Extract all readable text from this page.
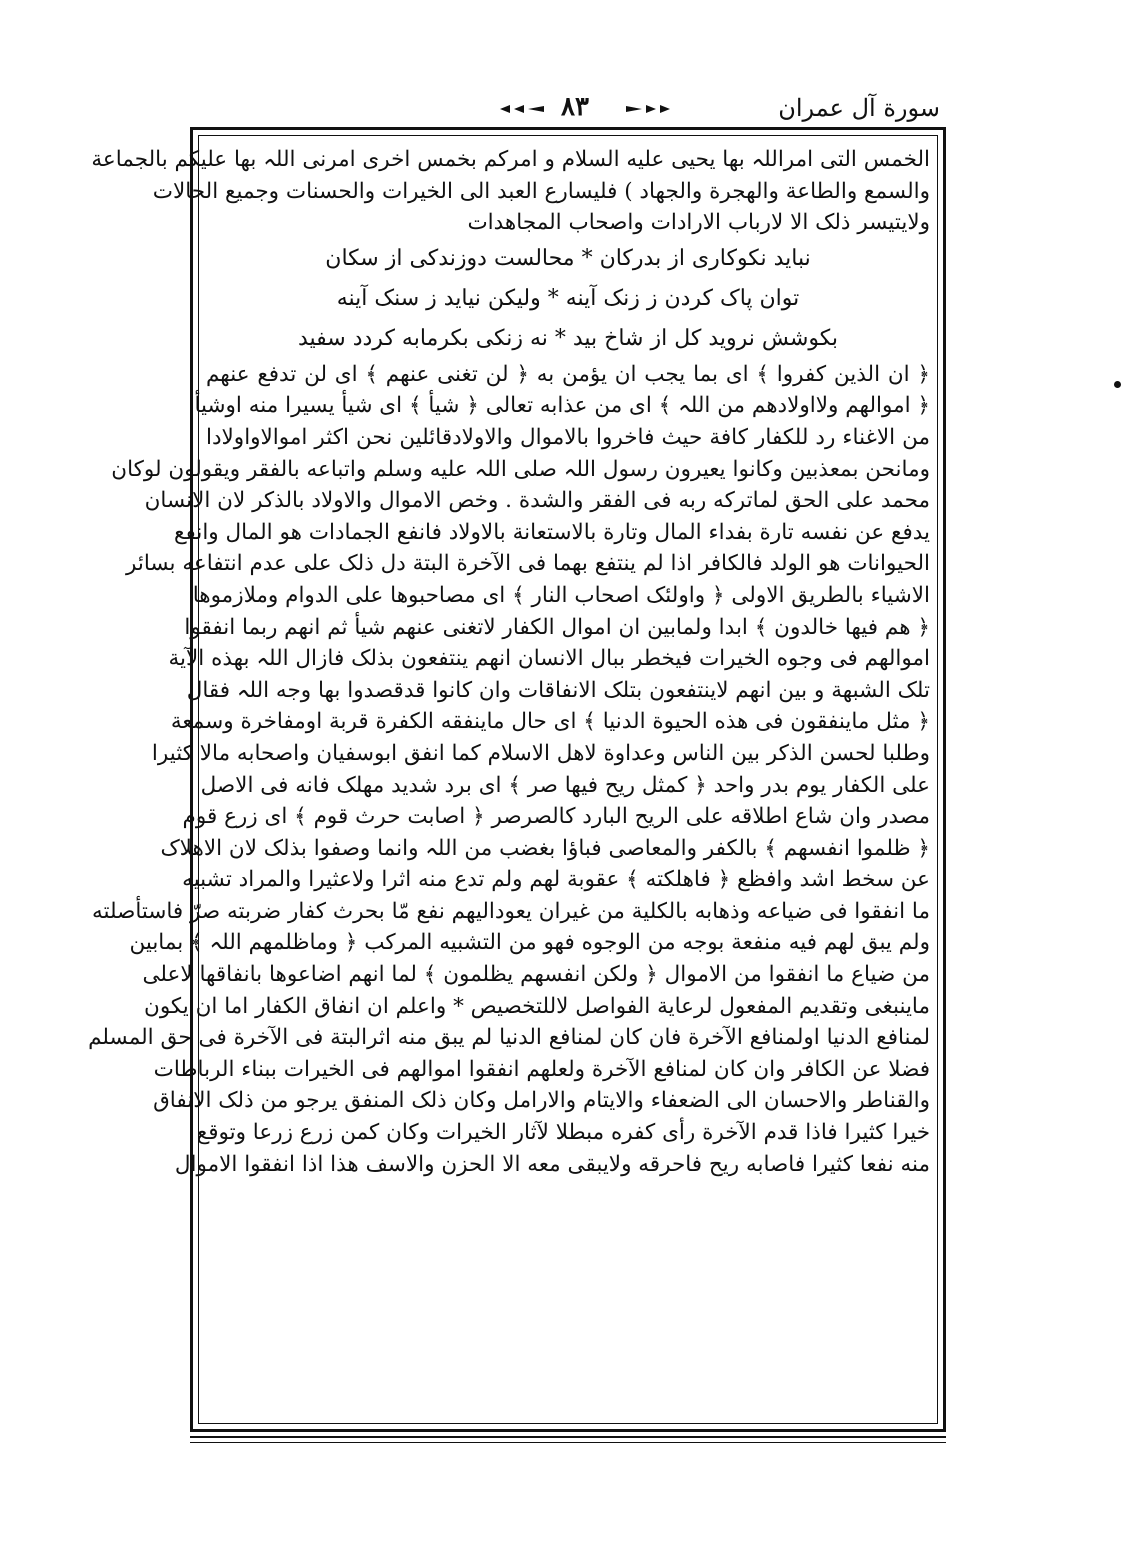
سورة آل عمران
۸۳
الخمس التی امراللہ بها یحیی علیه السلام و امرکم بخمس اخری امرنی اللہ بها علیکم بالجماعة
والسمع والطاعة والهجرة والجهاد ) فلیسارع العبد الی الخیرات والحسنات وجمیع الحالات
ولایتیسر ذلک الا لارباب الارادات واصحاب المجاهدات
نباید نکوکاری از بدرکان * محالست دوزندکی از سکان
توان پاک کردن ز زنک آینه * ولیکن نیاید ز سنک آینه
بکوشش نروید کل از شاخ بید * نه زنکی بکرمابه کردد سفید
﴿ ان الذین کفروا ﴾ ای بما یجب ان یؤمن به ﴿ لن تغنی عنهم ﴾ ای لن تدفع عنهم
﴿ اموالهم ولااولادهم من اللہ ﴾ ای من عذابه تعالی ﴿ شیأ ﴾ ای شیأ یسیرا منه اوشیأ
من الاغناء رد للکفار کافة حیث فاخروا بالاموال والاولادقائلین نحن اکثر اموالاواولادا
ومانحن بمعذبین وکانوا یعیرون رسول اللہ صلی اللہ علیه وسلم واتباعه بالفقر ویقولون لوکان
محمد علی الحق لماترکه ربه فی الفقر والشدة . وخص الاموال والاولاد بالذکر لان الانسان
یدفع عن نفسه تارة بفداء المال وتارة بالاستعانة بالاولاد فانفع الجمادات هو المال وانفع
الحیوانات هو الولد فالکافر اذا لم ینتفع بهما فی الآخرة البتة دل ذلک علی عدم انتفاعه بسائر
الاشیاء بالطریق الاولی ﴿ واولئک اصحاب النار ﴾ ای مصاحبوها علی الدوام وملازموها
﴿ هم فیها خالدون ﴾ ابدا ولمابین ان اموال الکفار لاتغنی عنهم شیأ ثم انهم ربما انفقوا
اموالهم فی وجوه الخیرات فیخطر ببال الانسان انهم ینتفعون بذلک فازال اللہ بهذه الآیة
تلک الشبهة و بین انهم لاینتفعون بتلک الانفاقات وان کانوا قدقصدوا بها وجه اللہ فقال
﴿ مثل ماینفقون فی هذه الحیوة الدنیا ﴾ ای حال ماینفقه الکفرة قربة اومفاخرة وسمعة
وطلبا لحسن الذکر بین الناس وعداوة لاهل الاسلام کما انفق ابوسفیان واصحابه مالا کثیرا
علی الکفار یوم بدر واحد ﴿ کمثل ریح فیها صر ﴾ ای برد شدید مهلک فانه فی الاصل
مصدر وان شاع اطلاقه علی الریح البارد کالصرصر ﴿ اصابت حرث قوم ﴾ ای زرع قوم
﴿ ظلموا انفسهم ﴾ بالکفر والمعاصی فباؤا بغضب من اللہ وانما وصفوا بذلک لان الاهلاک
عن سخط اشد وافظع ﴿ فاهلکته ﴾ عقوبة لهم ولم تدع منه اثرا ولاعثیرا والمراد تشبیه
ما انفقوا فی ضیاعه وذهابه بالکلیة من غیران یعودالیهم نفع مّا بحرث کفار ضربته صرّ فاستأصلته
ولم یبق لهم فیه منفعة بوجه من الوجوه فهو من التشبیه المرکب ﴿ وماظلمهم اللہ ﴾ بمابین
من ضیاع ما انفقوا من الاموال ﴿ ولکن انفسهم یظلمون ﴾ لما انهم اضاعوها بانفاقها لاعلی
ماینبغی وتقدیم المفعول لرعایة الفواصل لاللتخصیص * واعلم ان انفاق الکفار اما ان یکون
لمنافع الدنیا اولمنافع الآخرة فان کان لمنافع الدنیا لم یبق منه اثرالبتة فی الآخرة فی حق المسلم
فضلا عن الکافر وان کان لمنافع الآخرة ولعلهم انفقوا اموالهم فی الخیرات ببناء الرباطات
والقناطر والاحسان الی الضعفاء والایتام والارامل وکان ذلک المنفق یرجو من ذلک الانفاق
خیرا کثیرا فاذا قدم الآخرة رأی کفره مبطلا لآثار الخیرات وکان کمن زرع زرعا وتوقع
منه نفعا کثیرا فاصابه ریح فاحرقه ولایبقی معه الا الحزن والاسف هذا اذا انفقوا الاموال
